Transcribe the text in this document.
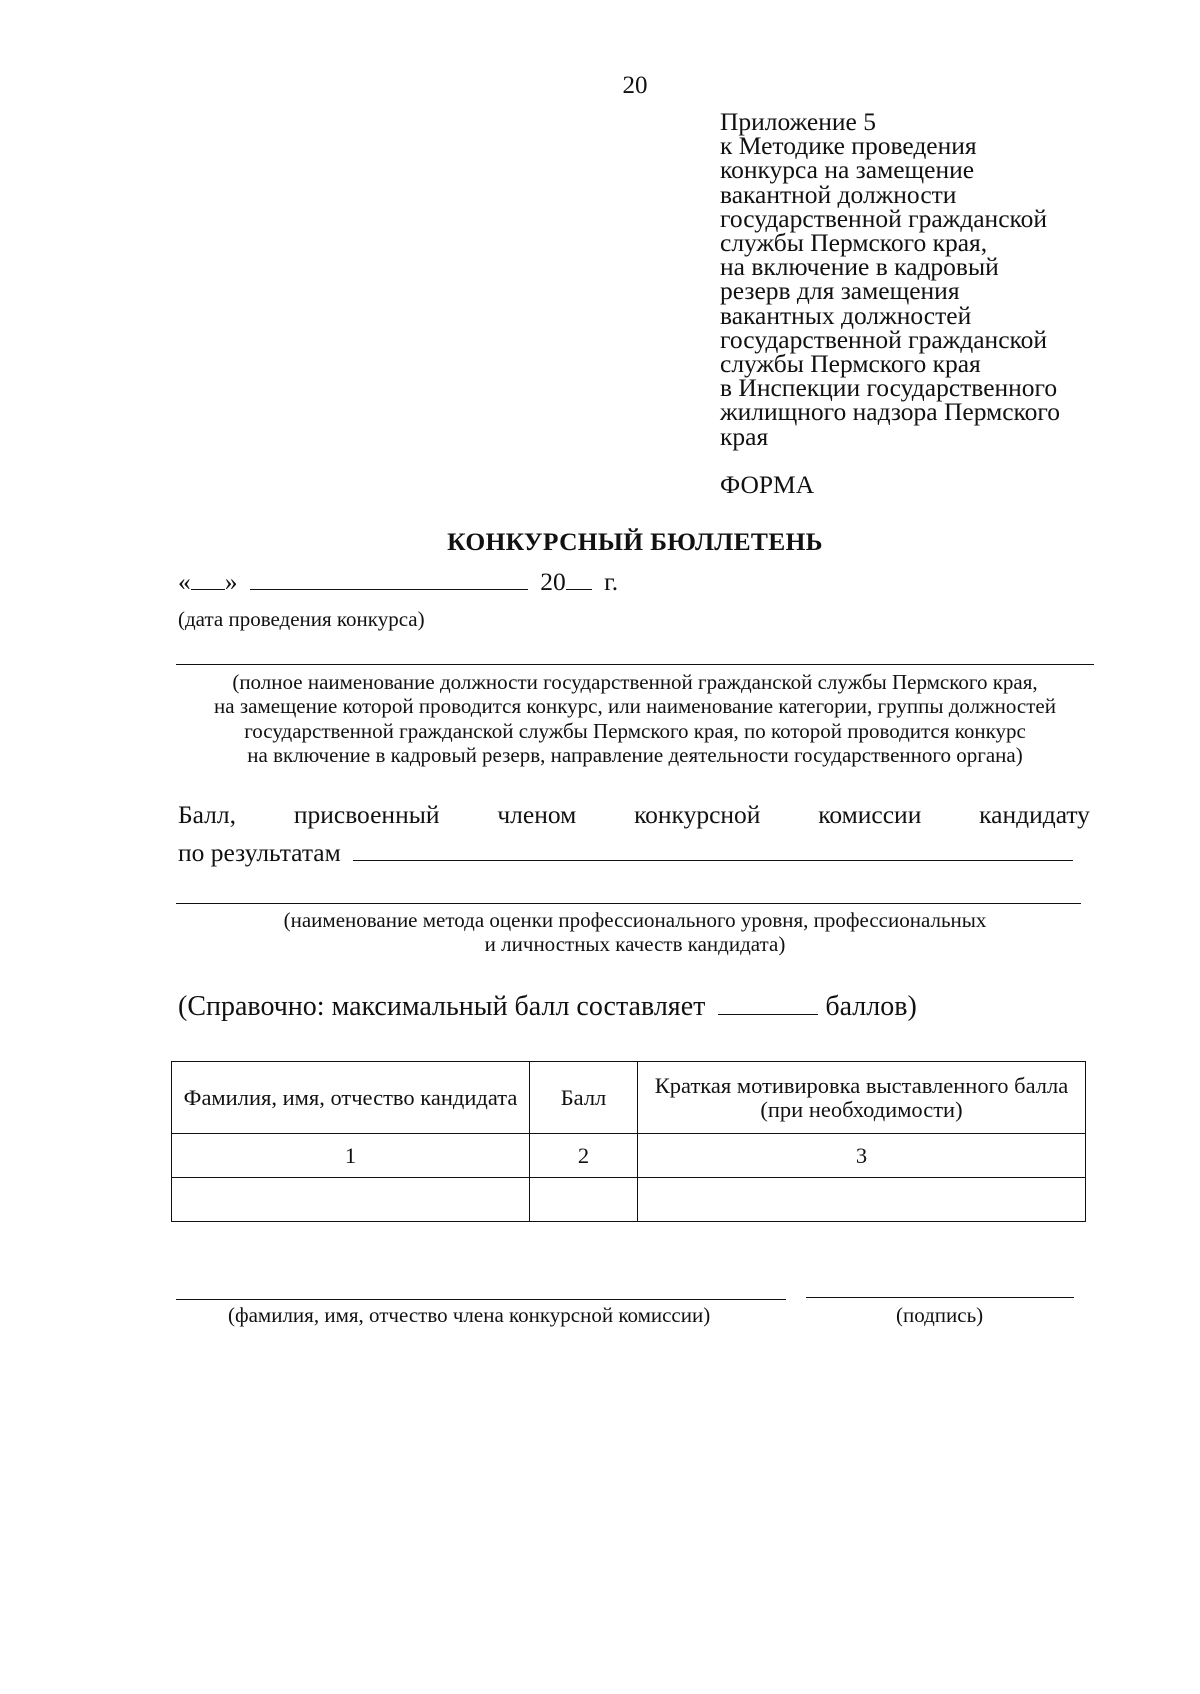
20
Приложение 5
к Методике проведения
конкурса на замещение
вакантной должности
государственной гражданской
службы Пермского края,
на включение в кадровый
резерв для замещения
вакантных должностей
государственной гражданской
службы Пермского края
в Инспекции государственного
жилищного надзора Пермского
края
ФОРМА
КОНКУРСНЫЙ БЮЛЛЕТЕНЬ
« »	20 г.
(дата проведения конкурса)
(полное наименование должности государственной гражданской службы Пермского края,
на замещение которой проводится конкурс, или наименование категории, группы должностей
государственной гражданской службы Пермского края, по которой проводится конкурс
на включение в кадровый резерв, направление деятельности государственного органа)
Балл, присвоенный членом конкурсной комиссии кандидату
по результатам
(наименование метода оценки профессионального уровня, профессиональных
и личностных качеств кандидата)
(Справочно: максимальный балл составляет	баллов)
Фамилия, имя, отчество кандидата	Балл	Краткая мотивировка выставленного балла (при необходимости)
1	2	3

(фамилия, имя, отчество члена конкурсной комиссии)	(подпись)
